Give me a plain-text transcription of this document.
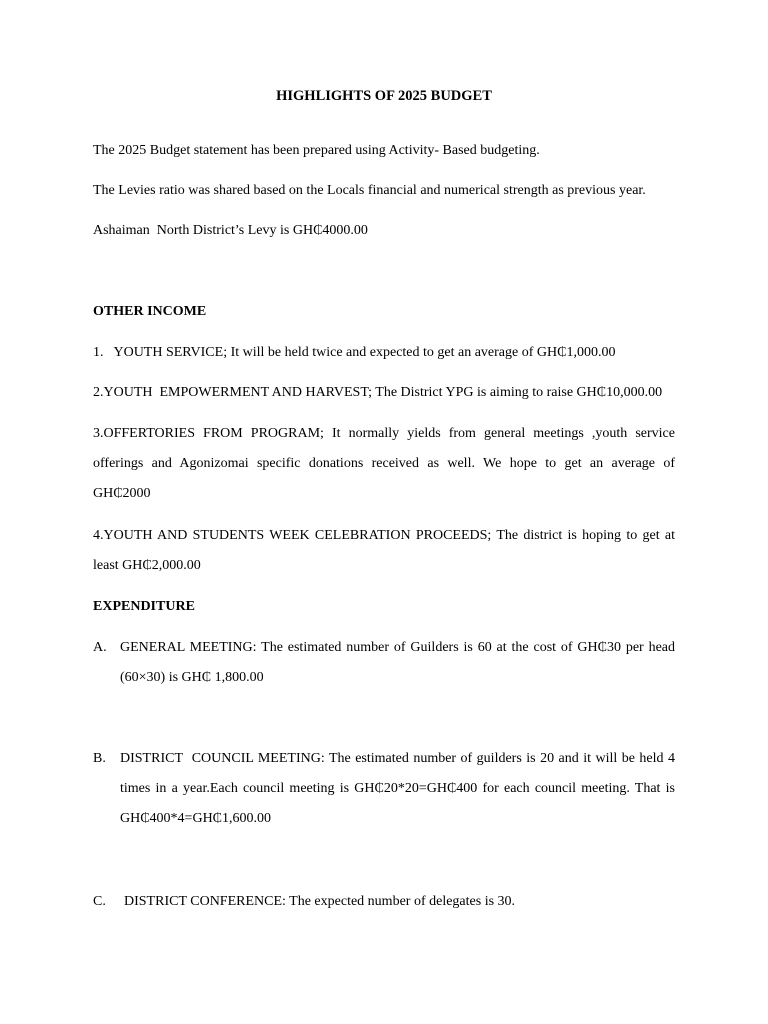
HIGHLIGHTS OF 2025 BUDGET
The 2025 Budget statement has been prepared using Activity- Based budgeting.
The Levies ratio was shared based on the Locals financial and numerical strength as previous year.
Ashaiman  North District’s Levy is GH₵4000.00
OTHER INCOME
1.   YOUTH SERVICE; It will be held twice and expected to get an average of GH₵1,000.00
2.YOUTH  EMPOWERMENT AND HARVEST; The District YPG is aiming to raise GH₵10,000.00
3.OFFERTORIES FROM PROGRAM; It normally yields from general meetings ,youth service
offerings and Agonizomai specific donations received as well. We hope to get an average of
GH₵2000
4.YOUTH AND STUDENTS WEEK CELEBRATION PROCEEDS; The district is hoping to get at
least GH₵2,000.00
EXPENDITURE
A. GENERAL MEETING: The estimated number of Guilders is 60 at the cost of GH₵30 per head
(60×30) is GH₵ 1,800.00
B. DISTRICT  COUNCIL MEETING: The estimated number of guilders is 20 and it will be held 4
times in a year.Each council meeting is GH₵20*20=GH₵400 for each council meeting. That is
GH₵400*4=GH₵1,600.00
C. DISTRICT CONFERENCE: The expected number of delegates is 30.
